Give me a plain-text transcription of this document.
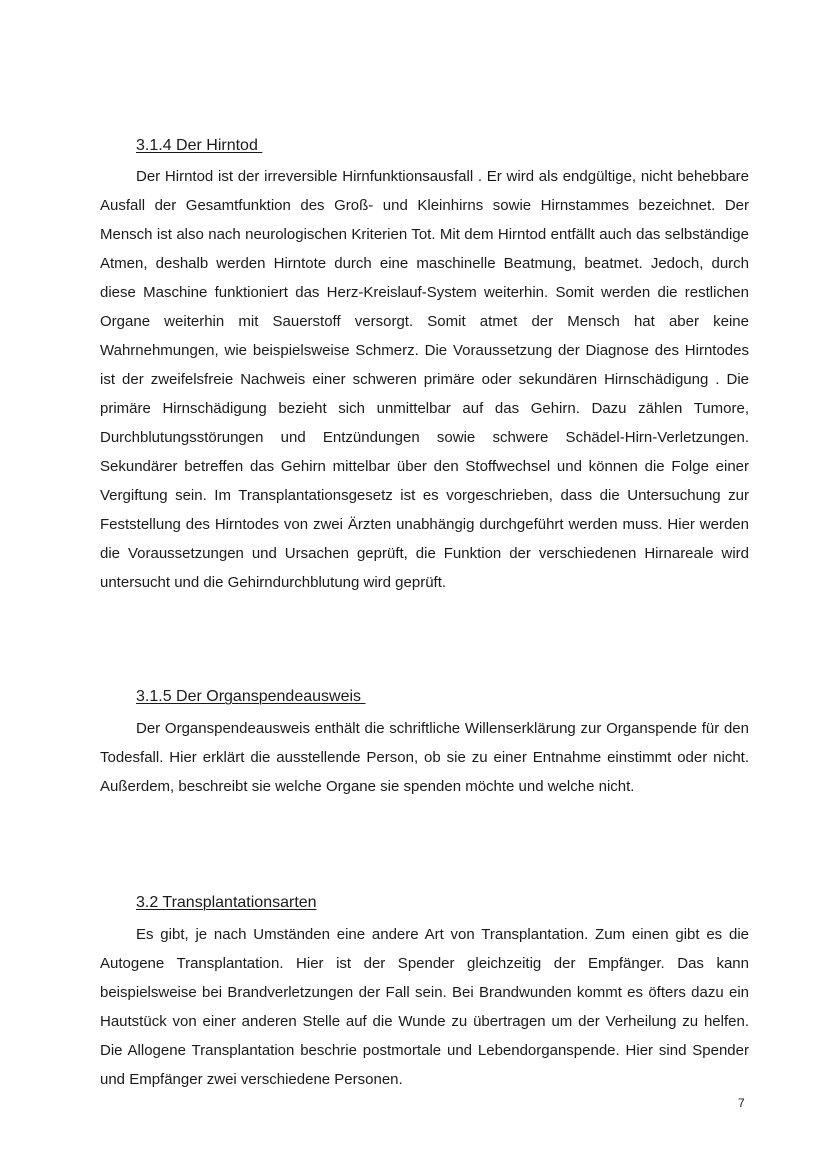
3.1.4 Der Hirntod
Der Hirntod ist der irreversible Hirnfunktionsausfall . Er wird als endgültige, nicht behebbare Ausfall der Gesamtfunktion des Groß- und Kleinhirns sowie Hirnstammes bezeichnet. Der Mensch ist also nach neurologischen Kriterien Tot. Mit dem Hirntod entfällt auch das selbständige Atmen, deshalb werden Hirntote durch eine maschinelle Beatmung, beatmet. Jedoch, durch diese Maschine funktioniert das Herz-Kreislauf-System weiterhin. Somit werden die restlichen Organe weiterhin mit Sauerstoff versorgt. Somit atmet der Mensch hat aber keine Wahrnehmungen, wie beispielsweise Schmerz. Die Voraussetzung der Diagnose des Hirntodes ist der zweifelsfreie Nachweis einer schweren primäre oder sekundären Hirnschädigung . Die primäre Hirnschädigung bezieht sich unmittelbar auf das Gehirn. Dazu zählen Tumore, Durchblutungsstörungen und Entzündungen sowie schwere Schädel-Hirn-Verletzungen. Sekundärer betreffen das Gehirn mittelbar über den Stoffwechsel und können die Folge einer Vergiftung sein. Im Transplantationsgesetz ist es vorgeschrieben, dass die Untersuchung zur Feststellung des Hirntodes von zwei Ärzten unabhängig durchgeführt werden muss. Hier werden die Voraussetzungen und Ursachen geprüft, die Funktion der verschiedenen Hirnareale wird untersucht und die Gehirndurchblutung wird geprüft.
3.1.5 Der Organspendeausweis
Der Organspendeausweis enthält die schriftliche Willenserklärung zur Organspende für den Todesfall. Hier erklärt die ausstellende Person, ob sie zu einer Entnahme einstimmt oder nicht. Außerdem, beschreibt sie welche Organe sie spenden möchte und welche nicht.
3.2 Transplantationsarten
Es gibt, je nach Umständen eine andere Art von Transplantation. Zum einen gibt es die Autogene Transplantation. Hier ist der Spender gleichzeitig der Empfänger. Das kann beispielsweise bei Brandverletzungen der Fall sein. Bei Brandwunden kommt es öfters dazu ein Hautstück von einer anderen Stelle auf die Wunde zu übertragen um der Verheilung zu helfen. Die Allogene Transplantation beschrie postmortale und Lebendorganspende. Hier sind Spender und Empfänger zwei verschiedene Personen.
7
